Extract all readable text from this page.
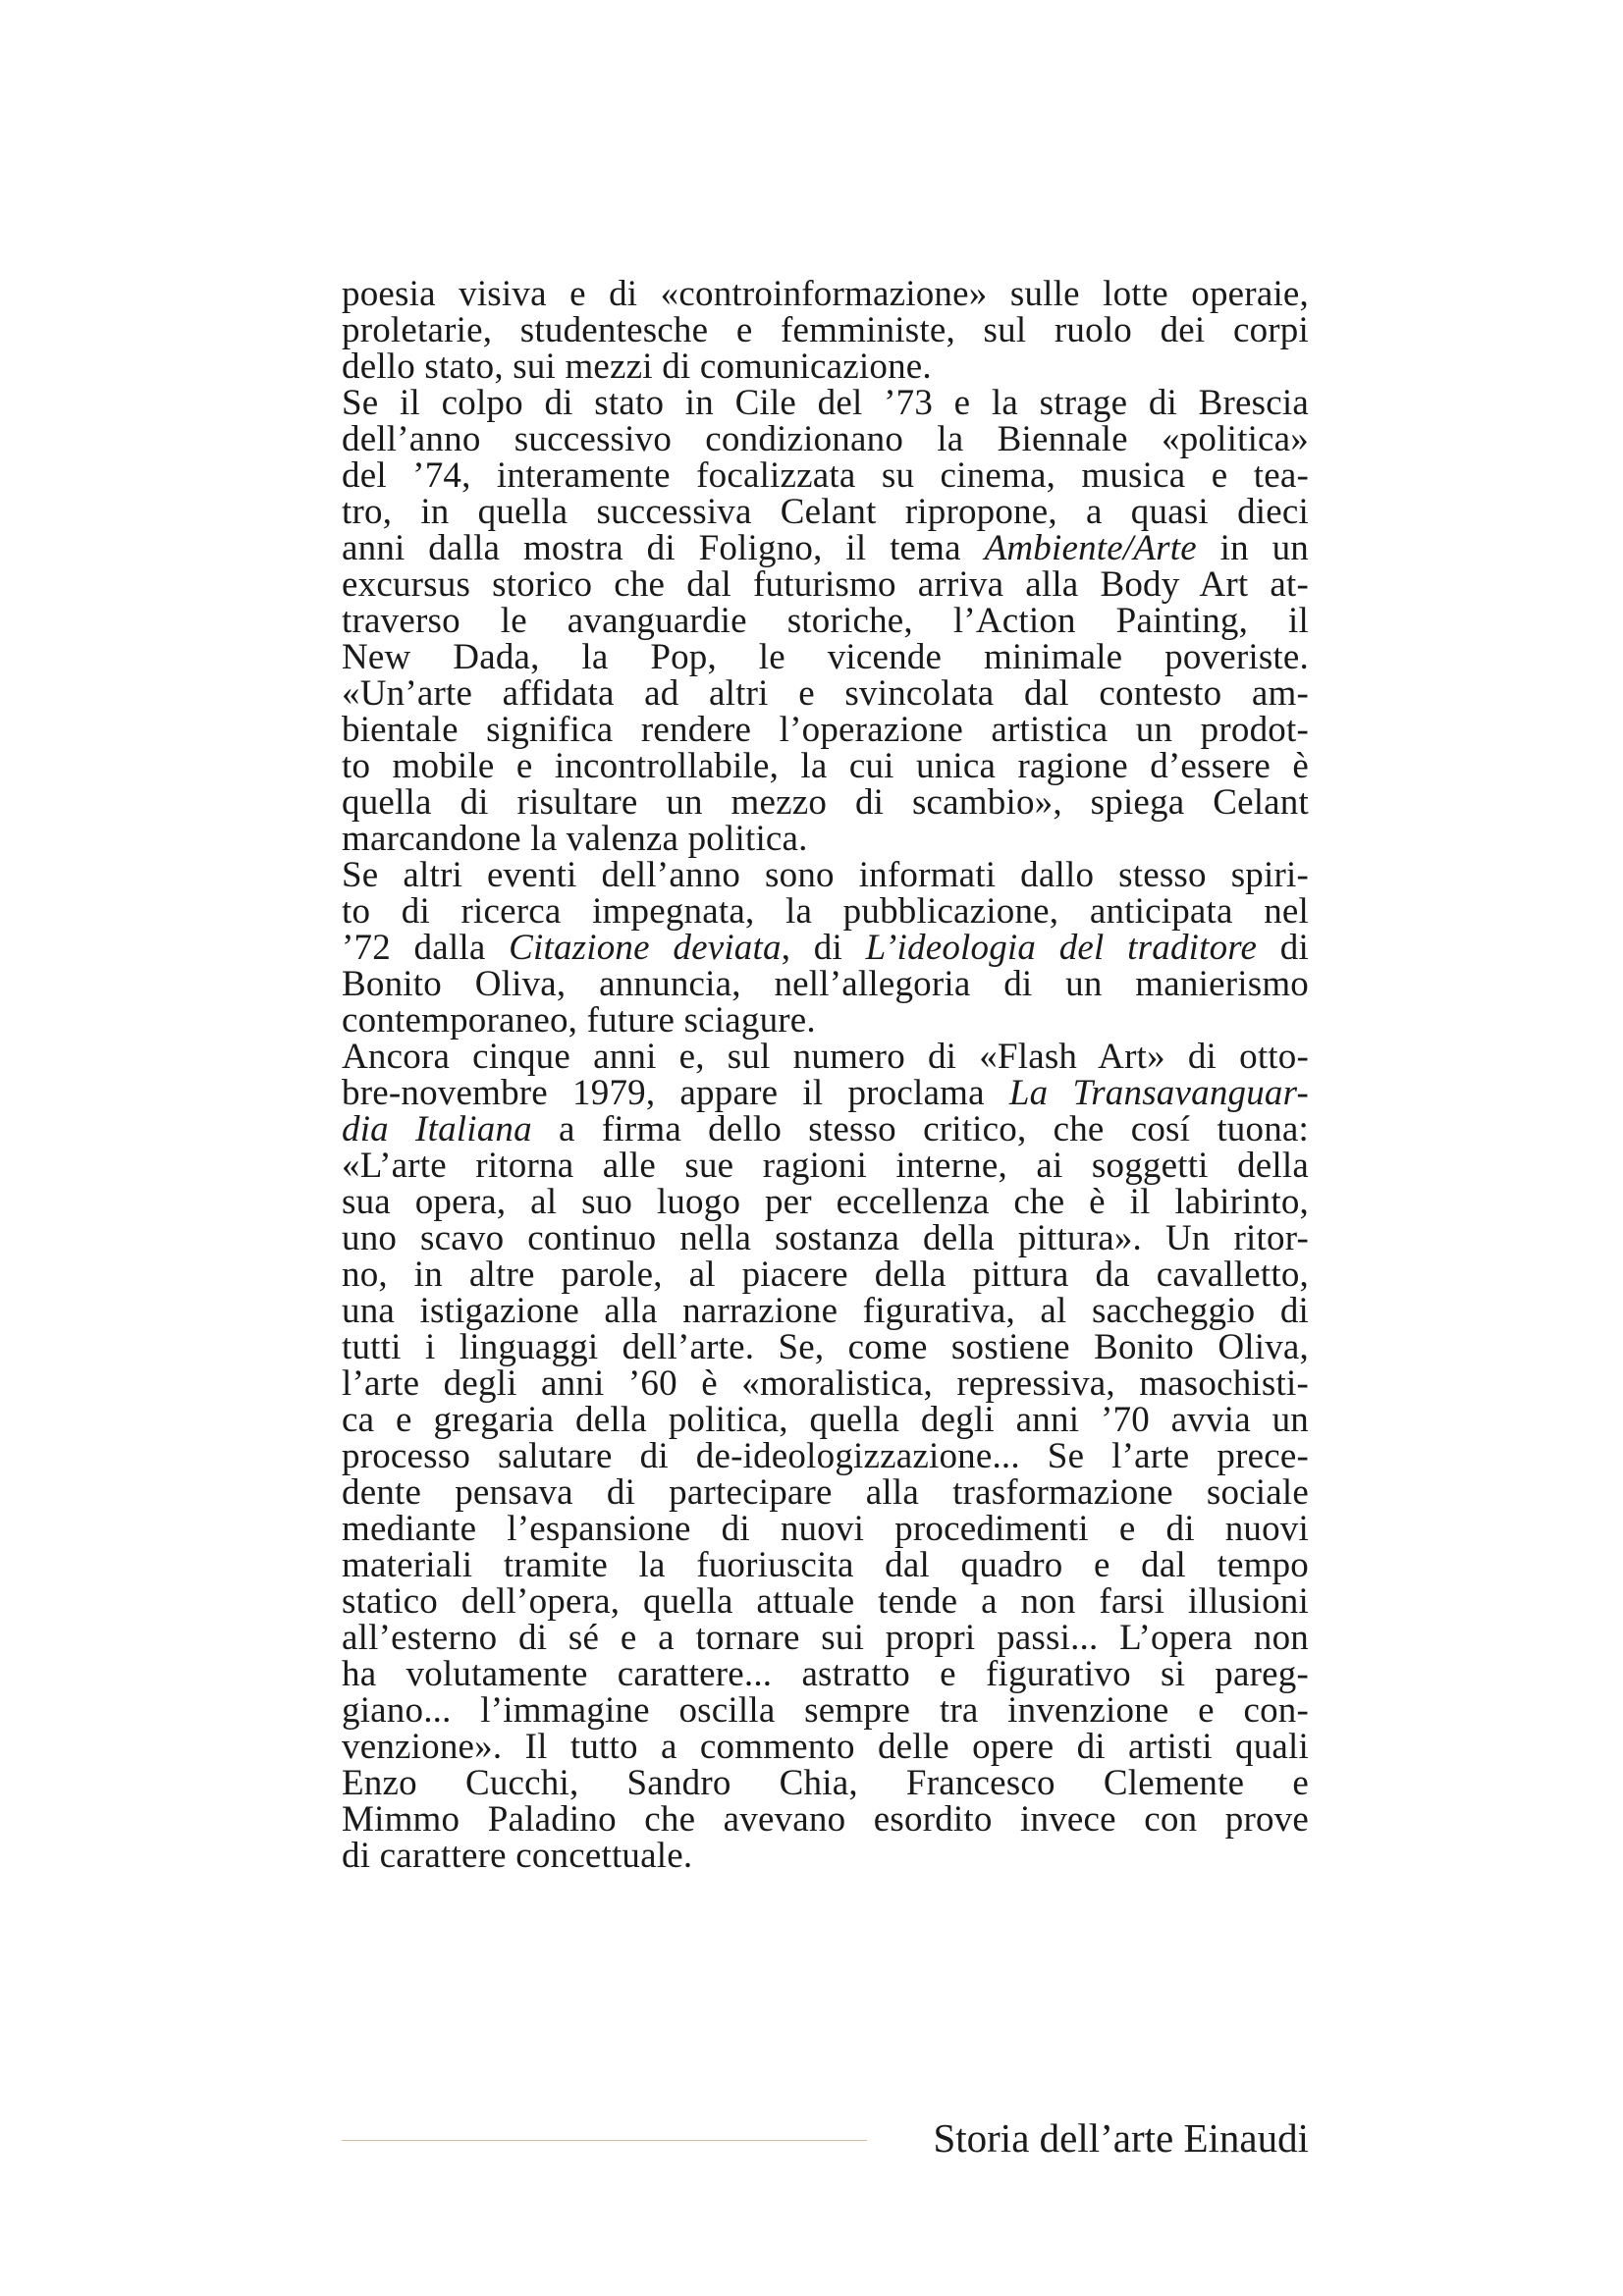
poesia visiva e di «controinformazione» sulle lotte operaie,
proletarie, studentesche e femministe, sul ruolo dei corpi
dello stato, sui mezzi di comunicazione.
Se il colpo di stato in Cile del ’73 e la strage di Brescia
dell’anno successivo condizionano la Biennale «politica»
del ’74, interamente focalizzata su cinema, musica e tea-
tro, in quella successiva Celant ripropone, a quasi dieci
anni dalla mostra di Foligno, il tema Ambiente/Arte in un
excursus storico che dal futurismo arriva alla Body Art at-
traverso le avanguardie storiche, l’Action Painting, il
New Dada, la Pop, le vicende minimale poveriste.
«Un’arte affidata ad altri e svincolata dal contesto am-
bientale significa rendere l’operazione artistica un prodot-
to mobile e incontrollabile, la cui unica ragione d’essere è
quella di risultare un mezzo di scambio», spiega Celant
marcandone la valenza politica.
Se altri eventi dell’anno sono informati dallo stesso spiri-
to di ricerca impegnata, la pubblicazione, anticipata nel
’72 dalla Citazione deviata, di L’ideologia del traditore di
Bonito Oliva, annuncia, nell’allegoria di un manierismo
contemporaneo, future sciagure.
Ancora cinque anni e, sul numero di «Flash Art» di otto-
bre-novembre 1979, appare il proclama La Transavanguar-
dia Italiana a firma dello stesso critico, che cosí tuona:
«L’arte ritorna alle sue ragioni interne, ai soggetti della
sua opera, al suo luogo per eccellenza che è il labirinto,
uno scavo continuo nella sostanza della pittura». Un ritor-
no, in altre parole, al piacere della pittura da cavalletto,
una istigazione alla narrazione figurativa, al saccheggio di
tutti i linguaggi dell’arte. Se, come sostiene Bonito Oliva,
l’arte degli anni ’60 è «moralistica, repressiva, masochisti-
ca e gregaria della politica, quella degli anni ’70 avvia un
processo salutare di de-ideologizzazione... Se l’arte prece-
dente pensava di partecipare alla trasformazione sociale
mediante l’espansione di nuovi procedimenti e di nuovi
materiali tramite la fuoriuscita dal quadro e dal tempo
statico dell’opera, quella attuale tende a non farsi illusioni
all’esterno di sé e a tornare sui propri passi... L’opera non
ha volutamente carattere... astratto e figurativo si pareg-
giano... l’immagine oscilla sempre tra invenzione e con-
venzione». Il tutto a commento delle opere di artisti quali
Enzo Cucchi, Sandro Chia, Francesco Clemente e
Mimmo Paladino che avevano esordito invece con prove
di carattere concettuale.
Storia dell’arte Einaudi
